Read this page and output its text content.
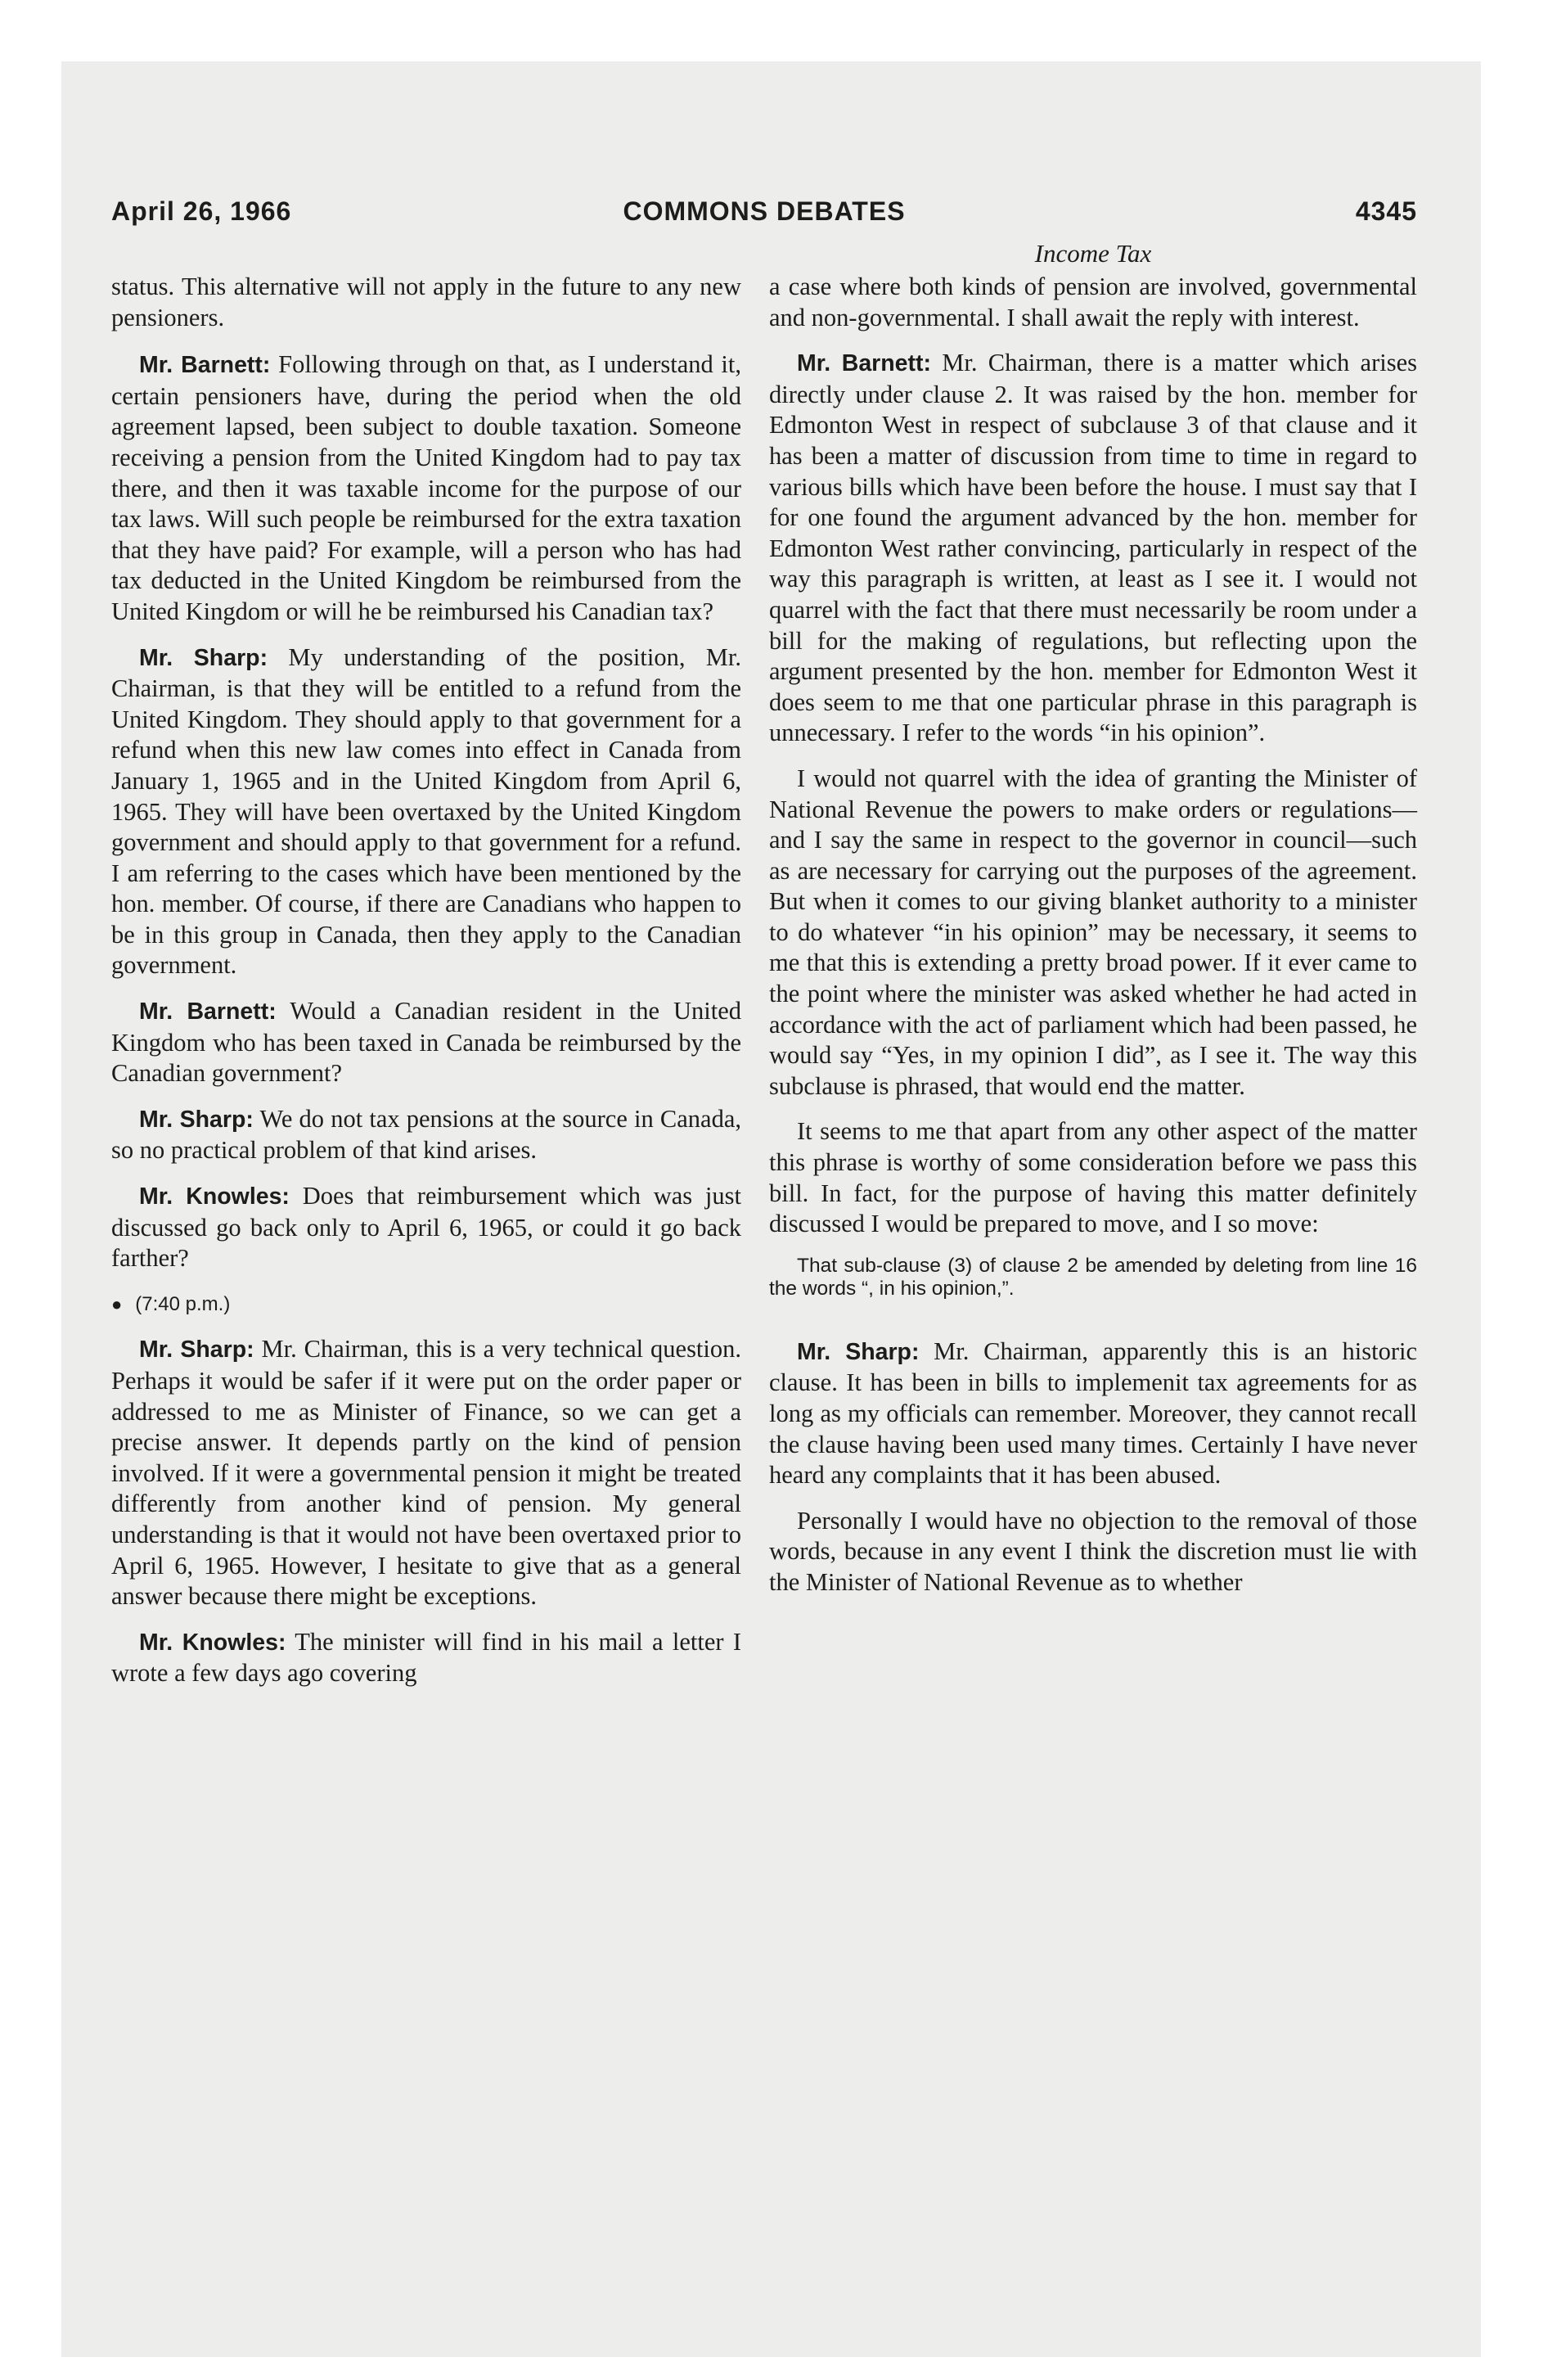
April 26, 1966	COMMONS DEBATES	4345

status. This alternative will not apply in the future to any new pensioners.

Mr. Barnett: Following through on that, as I understand it, certain pensioners have, during the period when the old agreement lapsed, been subject to double taxation. Someone receiving a pension from the United Kingdom had to pay tax there, and then it was taxable income for the purpose of our tax laws. Will such people be reimbursed for the extra taxation that they have paid? For example, will a person who has had tax deducted in the United Kingdom be reimbursed from the United Kingdom or will he be reimbursed his Canadian tax?

Mr. Sharp: My understanding of the position, Mr. Chairman, is that they will be entitled to a refund from the United Kingdom. They should apply to that government for a refund when this new law comes into effect in Canada from January 1, 1965 and in the United Kingdom from April 6, 1965. They will have been overtaxed by the United Kingdom government and should apply to that government for a refund. I am referring to the cases which have been mentioned by the hon. member. Of course, if there are Canadians who happen to be in this group in Canada, then they apply to the Canadian government.

Mr. Barnett: Would a Canadian resident in the United Kingdom who has been taxed in Canada be reimbursed by the Canadian government?

Mr. Sharp: We do not tax pensions at the source in Canada, so no practical problem of that kind arises.

Mr. Knowles: Does that reimbursement which was just discussed go back only to April 6, 1965, or could it go back farther?

● (7:40 p.m.)

Mr. Sharp: Mr. Chairman, this is a very technical question. Perhaps it would be safer if it were put on the order paper or addressed to me as Minister of Finance, so we can get a precise answer. It depends partly on the kind of pension involved. If it were a governmental pension it might be treated differently from another kind of pension. My general understanding is that it would not have been overtaxed prior to April 6, 1965. However, I hesitate to give that as a general answer because there might be exceptions.

Mr. Knowles: The minister will find in his mail a letter I wrote a few days ago covering

Income Tax

a case where both kinds of pension are involved, governmental and non-governmental. I shall await the reply with interest.

Mr. Barnett: Mr. Chairman, there is a matter which arises directly under clause 2. It was raised by the hon. member for Edmonton West in respect of subclause 3 of that clause and it has been a matter of discussion from time to time in regard to various bills which have been before the house. I must say that I for one found the argument advanced by the hon. member for Edmonton West rather convincing, particularly in respect of the way this paragraph is written, at least as I see it. I would not quarrel with the fact that there must necessarily be room under a bill for the making of regulations, but reflecting upon the argument presented by the hon. member for Edmonton West it does seem to me that one particular phrase in this paragraph is unnecessary. I refer to the words “in his opinion”.

I would not quarrel with the idea of granting the Minister of National Revenue the powers to make orders or regulations—and I say the same in respect to the governor in council—such as are necessary for carrying out the purposes of the agreement. But when it comes to our giving blanket authority to a minister to do whatever “in his opinion” may be necessary, it seems to me that this is extending a pretty broad power. If it ever came to the point where the minister was asked whether he had acted in accordance with the act of parliament which had been passed, he would say “Yes, in my opinion I did”, as I see it. The way this subclause is phrased, that would end the matter.

It seems to me that apart from any other aspect of the matter this phrase is worthy of some consideration before we pass this bill. In fact, for the purpose of having this matter definitely discussed I would be prepared to move, and I so move:

That sub-clause (3) of clause 2 be amended by deleting from line 16 the words “, in his opinion,”.

Mr. Sharp: Mr. Chairman, apparently this is an historic clause. It has been in bills to implemenit tax agreements for as long as my officials can remember. Moreover, they cannot recall the clause having been used many times. Certainly I have never heard any complaints that it has been abused.

Personally I would have no objection to the removal of those words, because in any event I think the discretion must lie with the Minister of National Revenue as to whether
